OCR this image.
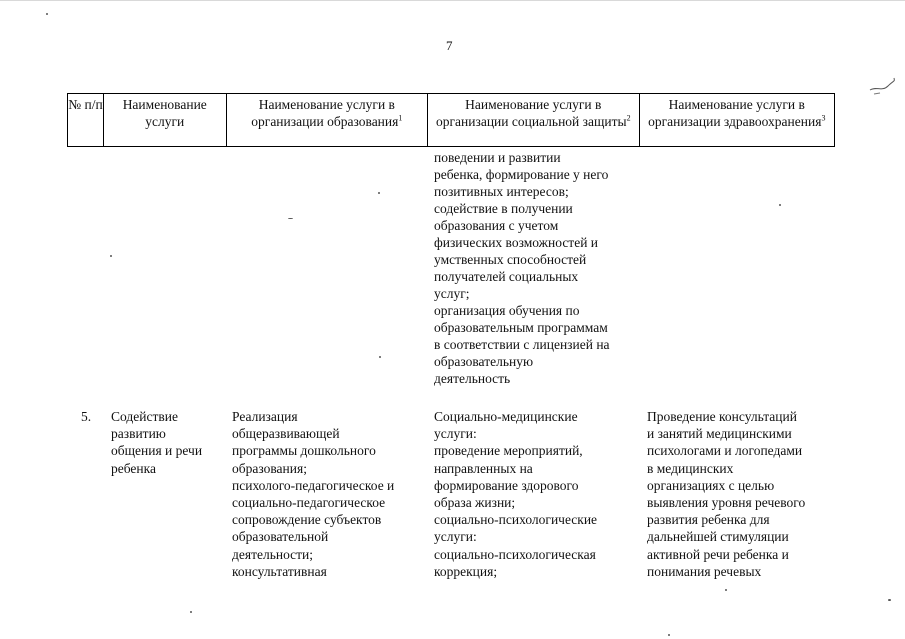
7
№ п/п	Наименование услуги
Наименование услуги в организации образования$^1$
Наименование услуги в организации социальной защиты$^2$
Наименование услуги в организации здравоохранения$^3$
поведении и развитии
ребенка, формирование у него
позитивных интересов;
содействие в получении
образования с учетом
физических возможностей и
умственных способностей
получателей социальных
услуг;
организация обучения по
образовательным программам
в соответствии с лицензией на
образовательную
деятельность
5. Содействие
развитию
общения и речи
ребенка
Реализация
общеразвивающей
программы дошкольного
образования;
психолого-педагогическое и
социально-педагогическое
сопровождение субъектов
образовательной
деятельности;
консультативная
Социально-медицинские
услуги:
проведение мероприятий,
направленных на
формирование здорового
образа жизни;
социально-психологические
услуги:
социально-психологическая
коррекция;
Проведение консультаций
и занятий медицинскими
психологами и логопедами
в медицинских
организациях с целью
выявления уровня речевого
развития ребенка для
дальнейшей стимуляции
активной речи ребенка и
понимания речевых
